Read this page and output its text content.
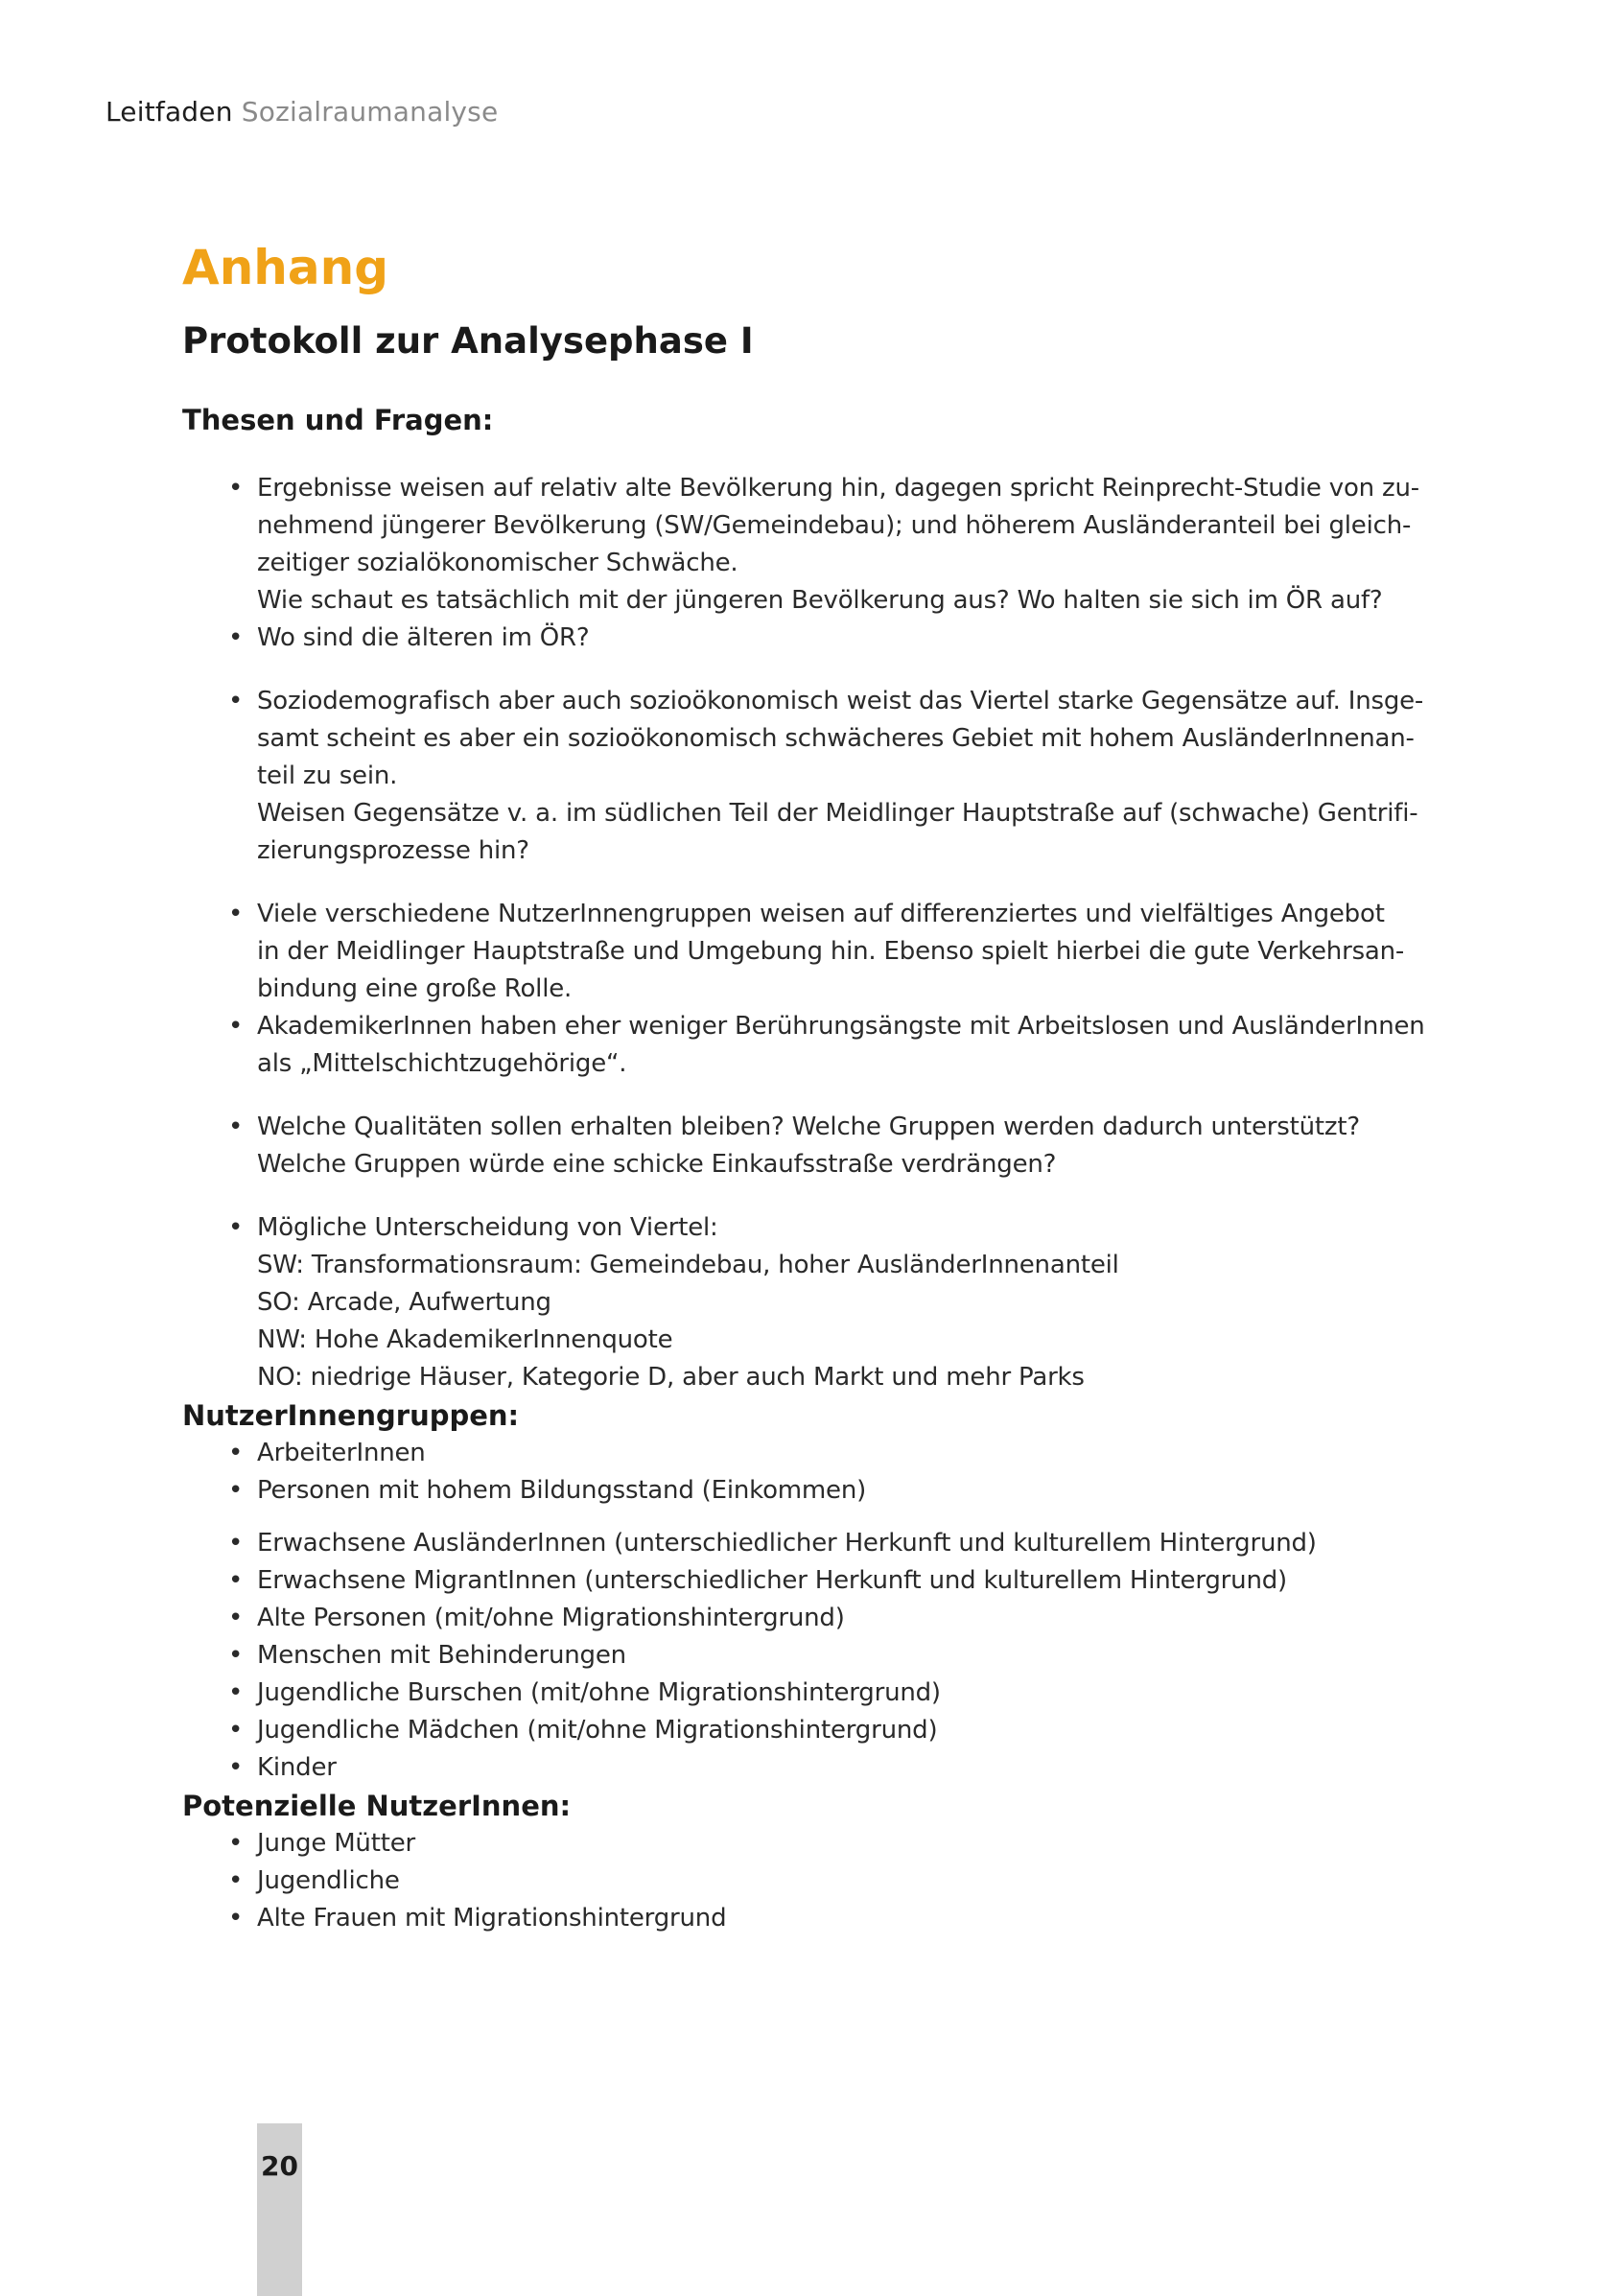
Leitfaden Sozialraumanalyse
Anhang
Protokoll zur Analysephase I
Thesen und Fragen:
• Ergebnisse weisen auf relativ alte Bevölkerung hin, dagegen spricht Reinprecht-Studie von zu-
nehmend jüngerer Bevölkerung (SW/Gemeindebau); und höherem Ausländeranteil bei gleich-
zeitiger sozialökonomischer Schwäche.
Wie schaut es tatsächlich mit der jüngeren Bevölkerung aus? Wo halten sie sich im ÖR auf?
• Wo sind die älteren im ÖR?
• Soziodemografisch aber auch sozioökonomisch weist das Viertel starke Gegensätze auf. Insge-
samt scheint es aber ein sozioökonomisch schwächeres Gebiet mit hohem AusländerInnenan-
teil zu sein.
Weisen Gegensätze v. a. im südlichen Teil der Meidlinger Hauptstraße auf (schwache) Gentrifi-
zierungsprozesse hin?
• Viele verschiedene NutzerInnengruppen weisen auf differenziertes und vielfältiges Angebot
in der Meidlinger Hauptstraße und Umgebung hin. Ebenso spielt hierbei die gute Verkehrsan-
bindung eine große Rolle.
• AkademikerInnen haben eher weniger Berührungsängste mit Arbeitslosen und AusländerInnen
als „Mittelschichtzugehörige“.
• Welche Qualitäten sollen erhalten bleiben? Welche Gruppen werden dadurch unterstützt?
Welche Gruppen würde eine schicke Einkaufsstraße verdrängen?
• Mögliche Unterscheidung von Viertel:
SW: Transformationsraum: Gemeindebau, hoher AusländerInnenanteil
SO: Arcade, Aufwertung
NW: Hohe AkademikerInnenquote
NO: niedrige Häuser, Kategorie D, aber auch Markt und mehr Parks
NutzerInnengruppen:
• ArbeiterInnen
• Personen mit hohem Bildungsstand (Einkommen)
• Erwachsene AusländerInnen (unterschiedlicher Herkunft und kulturellem Hintergrund)
• Erwachsene MigrantInnen (unterschiedlicher Herkunft und kulturellem Hintergrund)
• Alte Personen (mit/ohne Migrationshintergrund)
• Menschen mit Behinderungen
• Jugendliche Burschen (mit/ohne Migrationshintergrund)
• Jugendliche Mädchen (mit/ohne Migrationshintergrund)
• Kinder
Potenzielle NutzerInnen:
• Junge Mütter
• Jugendliche
• Alte Frauen mit Migrationshintergrund
20
